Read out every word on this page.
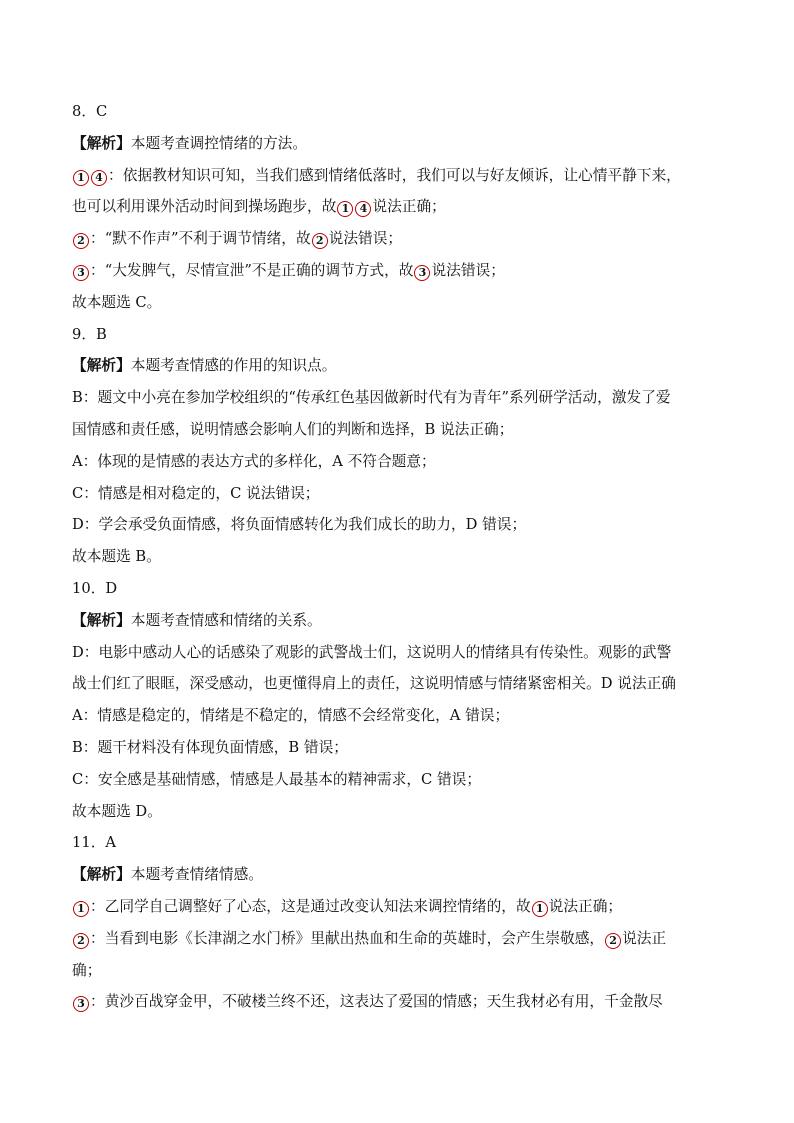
8．C
【解析】本题考查调控情绪的方法。
1 4 ：依据教材知识可知，当我们感到情绪低落时，我们可以与好友倾诉，让心情平静下来，
也可以利用课外活动时间到操场跑步，故 1 4 说法正确；
2 ：“默不作声”不利于调节情绪，故 2 说法错误；
3 ：“大发脾气，尽情宣泄”不是正确的调节方式，故 3 说法错误；
故本题选 C。
9．B
【解析】本题考查情感的作用的知识点。
B：题文中小亮在参加学校组织的“传承红色基因做新时代有为青年”系列研学活动，激发了爱
国情感和责任感，说明情感会影响人们的判断和选择，B 说法正确；
A：体现的是情感的表达方式的多样化，A 不符合题意；
C：情感是相对稳定的，C 说法错误；
D：学会承受负面情感，将负面情感转化为我们成长的助力，D 错误；
故本题选 B。
10．D
【解析】本题考查情感和情绪的关系。
D：电影中感动人心的话感染了观影的武警战士们，这说明人的情绪具有传染性。观影的武警
战士们红了眼眶，深受感动，也更懂得肩上的责任，这说明情感与情绪紧密相关。D 说法正确
A：情感是稳定的，情绪是不稳定的，情感不会经常变化，A 错误；
B：题干材料没有体现负面情感，B 错误；
C：安全感是基础情感，情感是人最基本的精神需求，C 错误；
故本题选 D。
11．A
【解析】本题考查情绪情感。
1 ：乙同学自己调整好了心态，这是通过改变认知法来调控情绪的，故 1 说法正确；
2 ：当看到电影《长津湖之水门桥》里献出热血和生命的英雄时，会产生崇敬感， 2 说法正
确；
3 ：黄沙百战穿金甲，不破楼兰终不还，这表达了爱国的情感；天生我材必有用，千金散尽
